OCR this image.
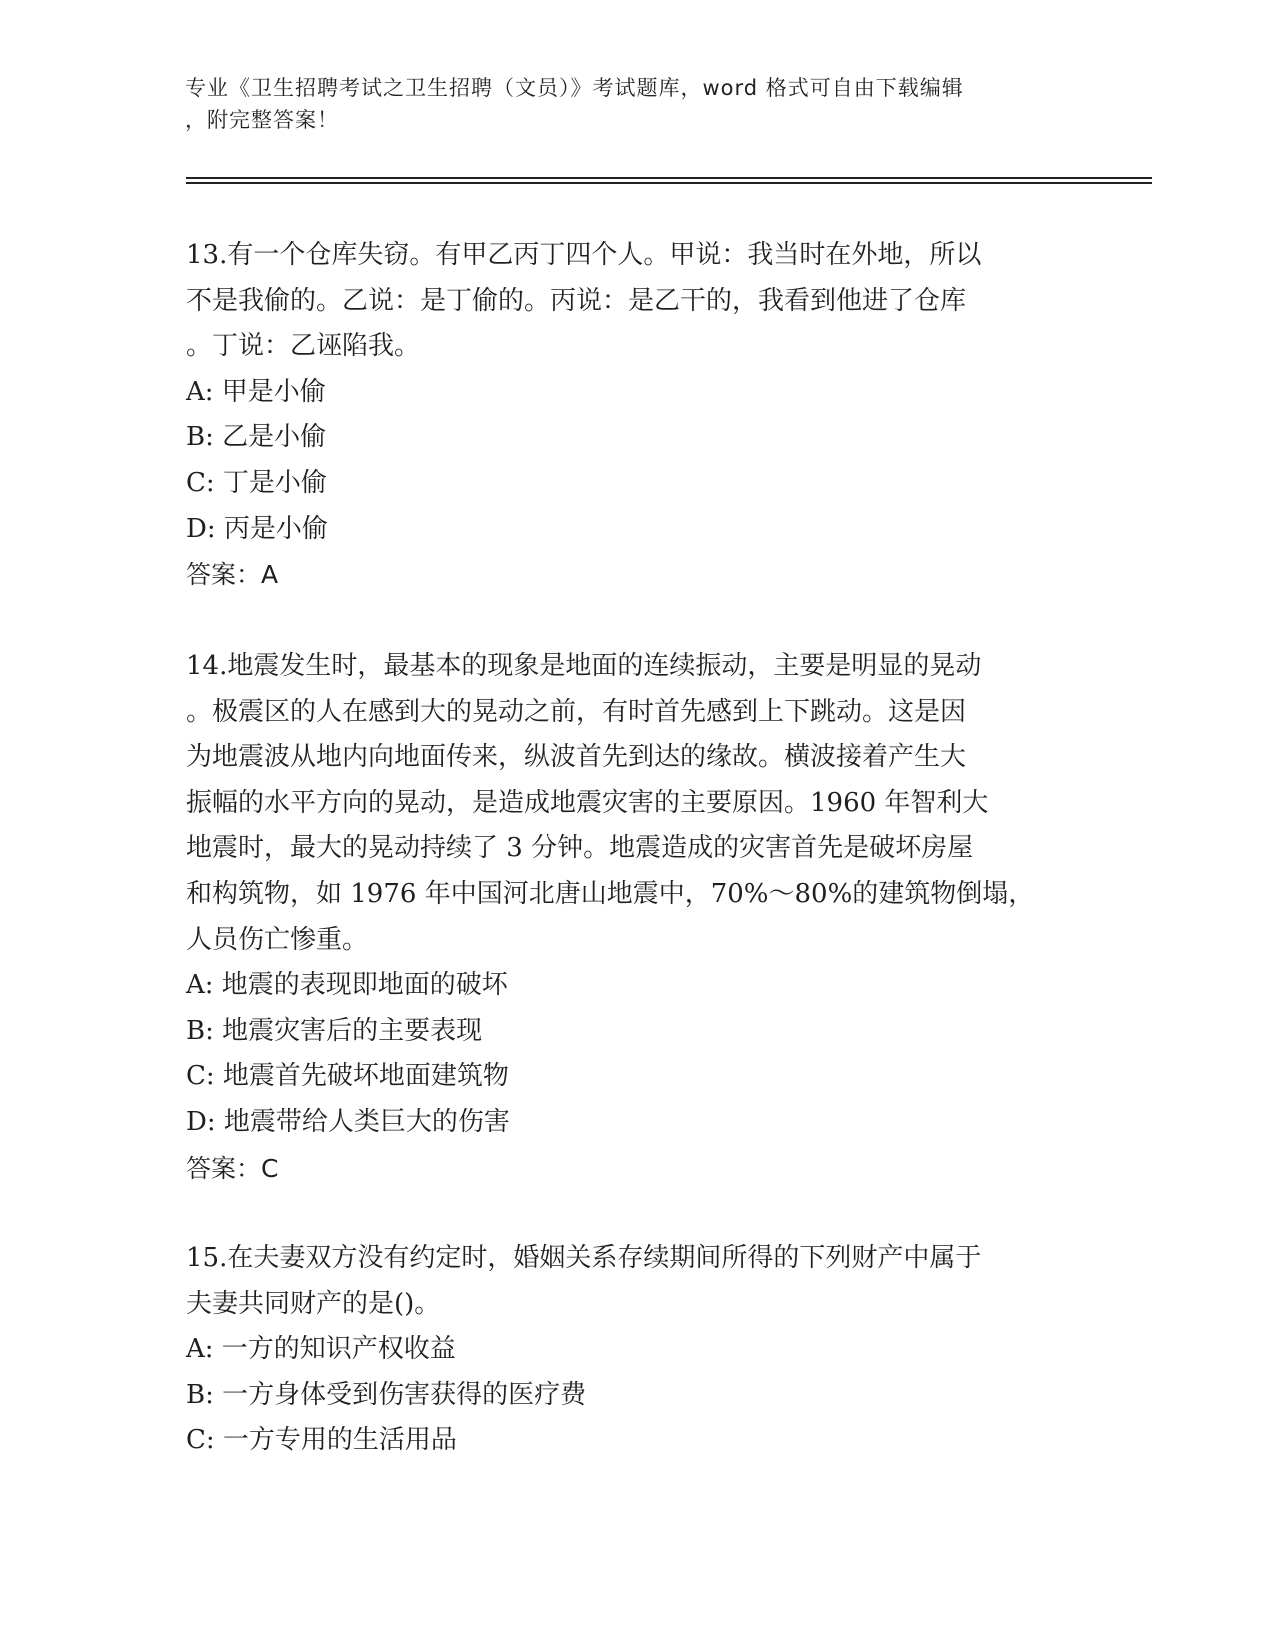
专业《卫生招聘考试之卫生招聘（文员）》考试题库，word 格式可自由下载编辑
，附完整答案！
13.有一个仓库失窃。有甲乙丙丁四个人。甲说：我当时在外地，所以
不是我偷的。乙说：是丁偷的。丙说：是乙干的，我看到他进了仓库
。丁说：乙诬陷我。
A: 甲是小偷
B: 乙是小偷
C: 丁是小偷
D: 丙是小偷
答案：A
14.地震发生时，最基本的现象是地面的连续振动，主要是明显的晃动
。极震区的人在感到大的晃动之前，有时首先感到上下跳动。这是因
为地震波从地内向地面传来，纵波首先到达的缘故。横波接着产生大
振幅的水平方向的晃动，是造成地震灾害的主要原因。1960 年智利大
地震时，最大的晃动持续了 3 分钟。地震造成的灾害首先是破坏房屋
和构筑物，如 1976 年中国河北唐山地震中，70%～80%的建筑物倒塌，
人员伤亡惨重。
A: 地震的表现即地面的破坏
B: 地震灾害后的主要表现
C: 地震首先破坏地面建筑物
D: 地震带给人类巨大的伤害
答案：C
15.在夫妻双方没有约定时，婚姻关系存续期间所得的下列财产中属于
夫妻共同财产的是()。
A: 一方的知识产权收益
B: 一方身体受到伤害获得的医疗费
C: 一方专用的生活用品
